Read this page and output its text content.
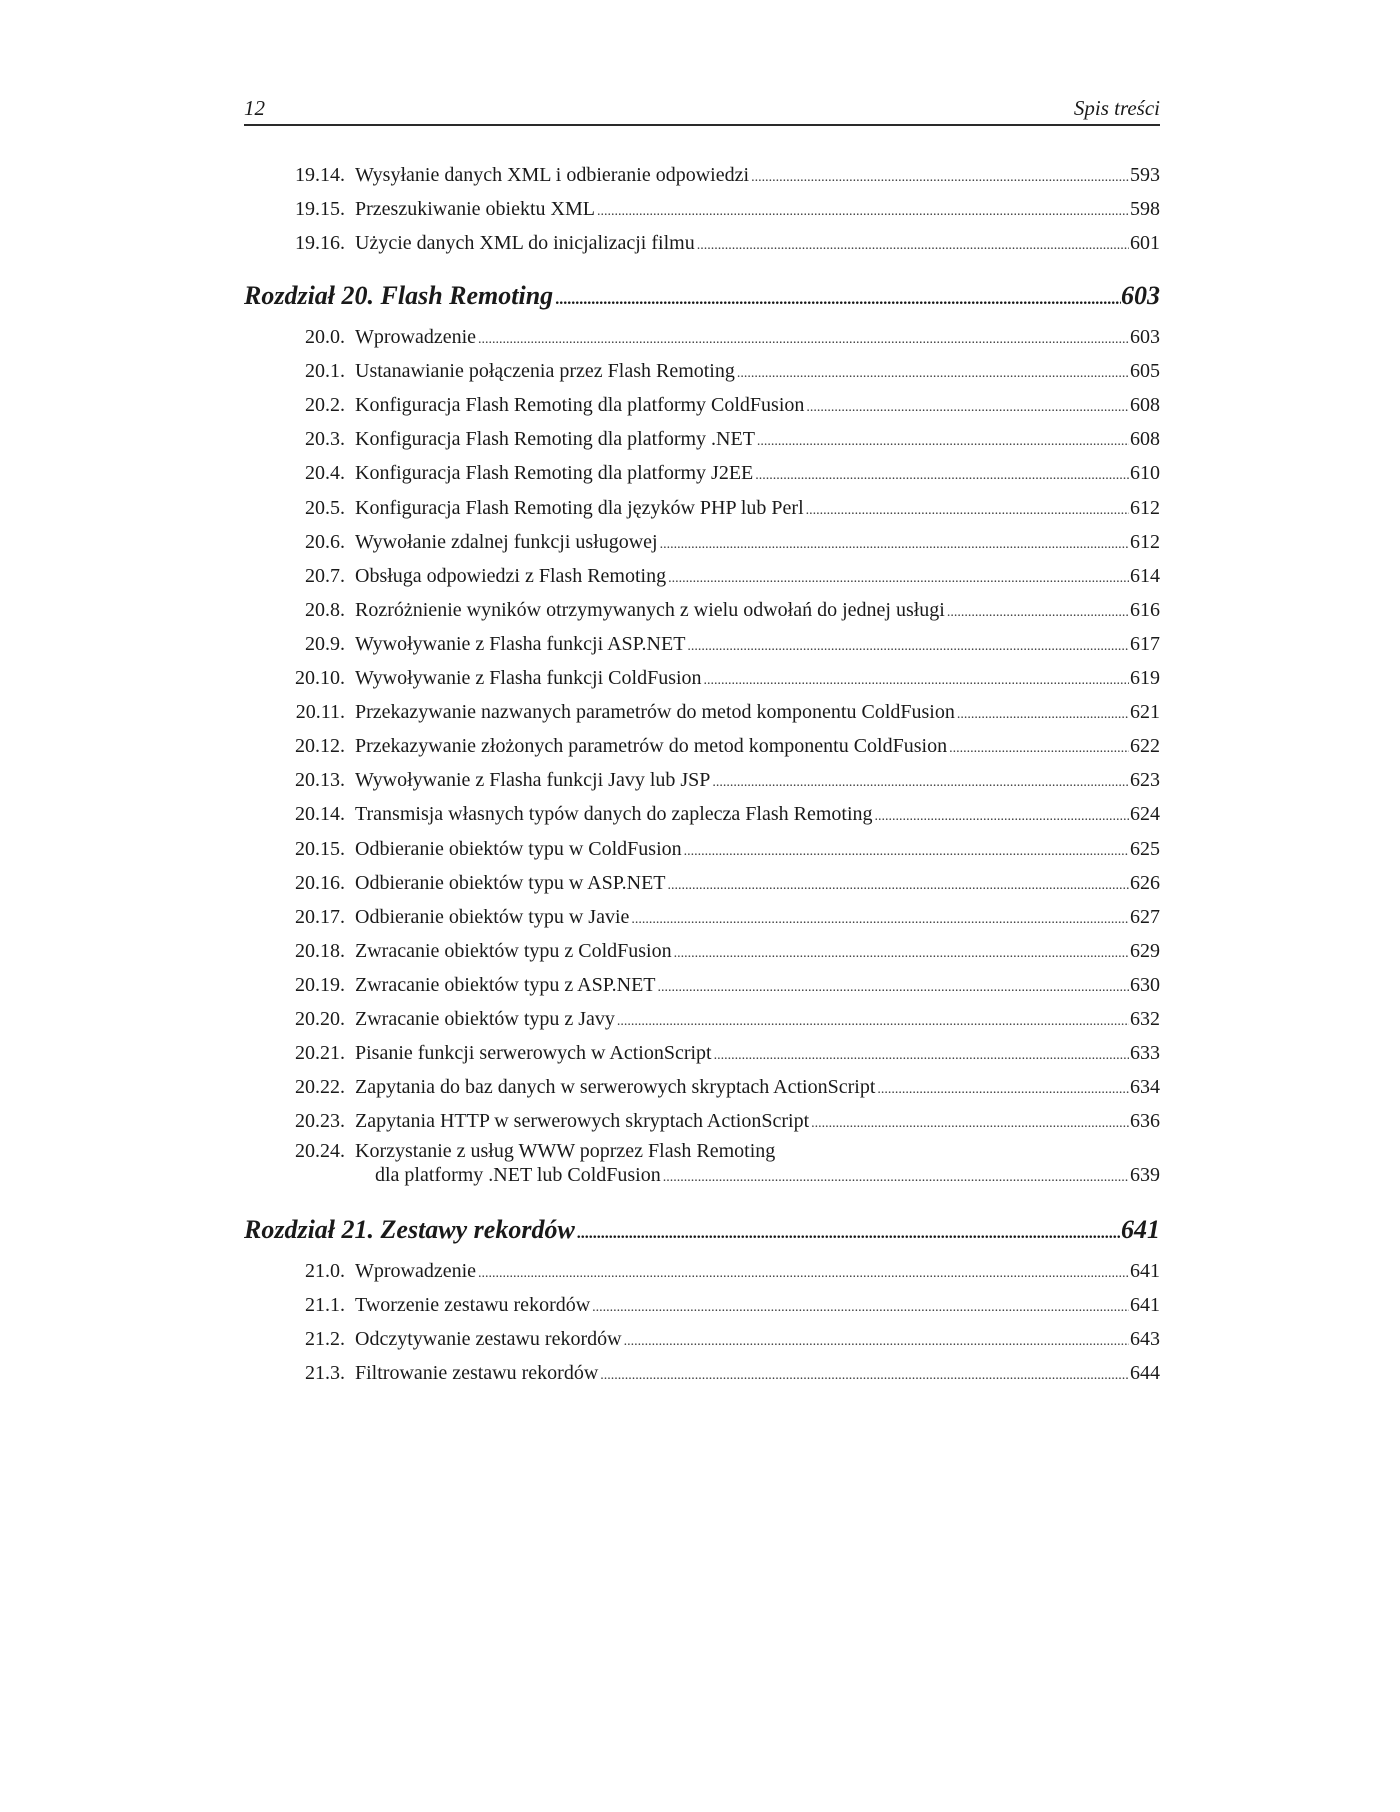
12	Spis treści
19.14. Wysyłanie danych XML i odbieranie odpowiedzi .....	593
19.15. Przeszukiwanie obiektu XML .....	598
19.16. Użycie danych XML do inicjalizacji filmu .....	601
Rozdział 20. Flash Remoting .....	603
20.0. Wprowadzenie .....	603
20.1. Ustanawianie połączenia przez Flash Remoting .....	605
20.2. Konfiguracja Flash Remoting dla platformy ColdFusion .....	608
20.3. Konfiguracja Flash Remoting dla platformy .NET .....	608
20.4. Konfiguracja Flash Remoting dla platformy J2EE .....	610
20.5. Konfiguracja Flash Remoting dla języków PHP lub Perl .....	612
20.6. Wywołanie zdalnej funkcji usługowej .....	612
20.7. Obsługa odpowiedzi z Flash Remoting .....	614
20.8. Rozróżnienie wyników otrzymywanych z wielu odwołań do jednej usługi .....	616
20.9. Wywoływanie z Flasha funkcji ASP.NET .....	617
20.10. Wywoływanie z Flasha funkcji ColdFusion .....	619
20.11. Przekazywanie nazwanych parametrów do metod komponentu ColdFusion .....	621
20.12. Przekazywanie złożonych parametrów do metod komponentu ColdFusion .....	622
20.13. Wywoływanie z Flasha funkcji Javy lub JSP .....	623
20.14. Transmisja własnych typów danych do zaplecza Flash Remoting .....	624
20.15. Odbieranie obiektów typu w ColdFusion .....	625
20.16. Odbieranie obiektów typu w ASP.NET .....	626
20.17. Odbieranie obiektów typu w Javie .....	627
20.18. Zwracanie obiektów typu z ColdFusion .....	629
20.19. Zwracanie obiektów typu z ASP.NET .....	630
20.20. Zwracanie obiektów typu z Javy .....	632
20.21. Pisanie funkcji serwerowych w ActionScript .....	633
20.22. Zapytania do baz danych w serwerowych skryptach ActionScript .....	634
20.23. Zapytania HTTP w serwerowych skryptach ActionScript .....	636
20.24. Korzystanie z usług WWW poprzez Flash Remoting
dla platformy .NET lub ColdFusion .....	639
Rozdział 21. Zestawy rekordów .....	641
21.0. Wprowadzenie .....	641
21.1. Tworzenie zestawu rekordów .....	641
21.2. Odczytywanie zestawu rekordów .....	643
21.3. Filtrowanie zestawu rekordów .....	644
